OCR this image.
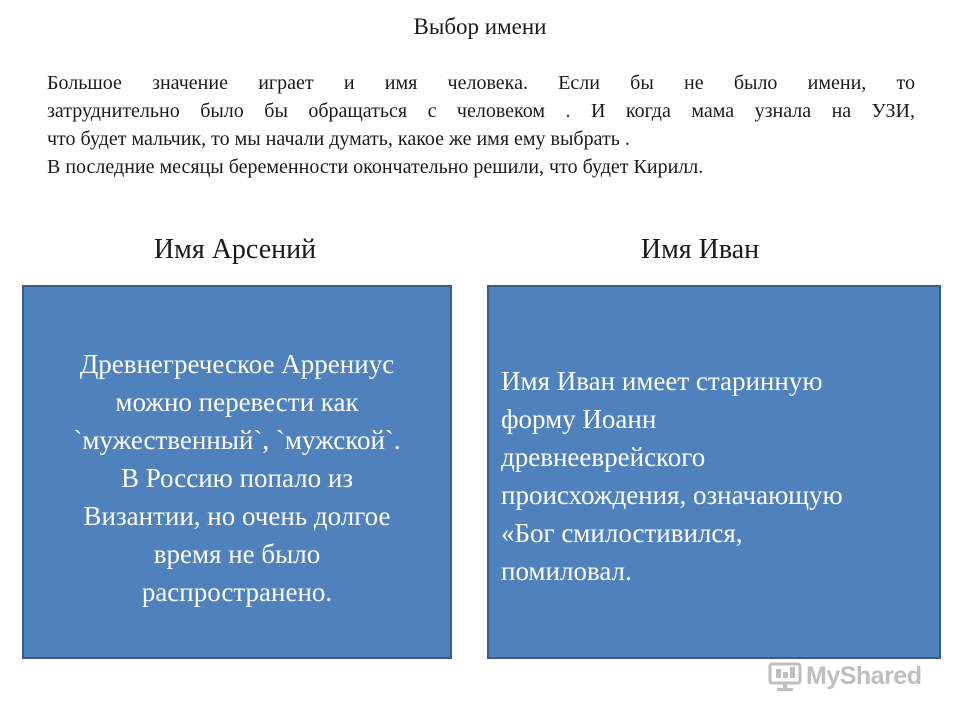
Выбор имени
Большое значение играет и имя человека. Если бы не было имени, то
затруднительно было бы обращаться с человеком . И когда мама узнала на УЗИ,
что будет мальчик, то мы начали думать, какое же имя ему выбрать .
В последние месяцы беременности окончательно решили, что будет Кирилл.
Имя Арсений	Имя Иван
Древнегреческое Аррениус
можно перевести как
`мужественный`, `мужской`.
В Россию попало из
Византии, но очень долгое
время не было
распространено.
Имя Иван имеет старинную
форму Иоанн
древнееврейского
происхождения, означающую
«Бог смилостивился,
помиловал.
MyShared
